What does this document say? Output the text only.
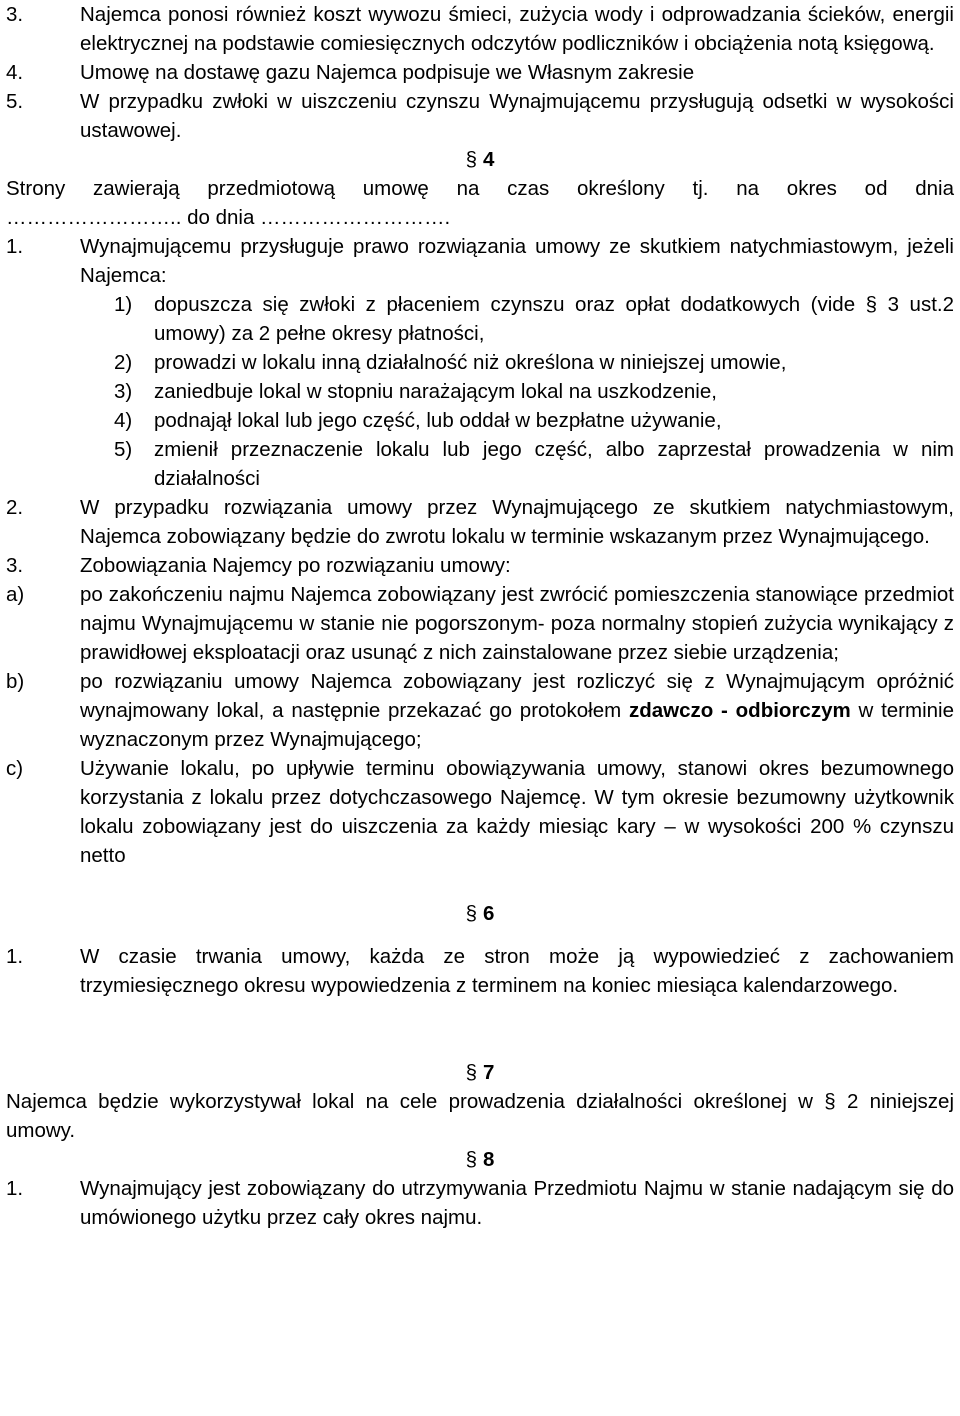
3.	Najemca ponosi również koszt wywozu śmieci, zużycia wody i odprowadzania ścieków, energii elektrycznej na podstawie comiesięcznych odczytów podliczników i obciążenia notą księgową.
4.	Umowę na dostawę gazu Najemca podpisuje we Własnym zakresie
5.	W przypadku zwłoki w uiszczeniu czynszu Wynajmującemu przysługują odsetki w wysokości ustawowej.
§ 4
Strony zawierają przedmiotową umowę na czas określony tj. na okres od dnia
…………………….. do dnia ……………………….
1.	Wynajmującemu przysługuje prawo rozwiązania umowy ze skutkiem natychmiastowym, jeżeli Najemca:
1)	dopuszcza się zwłoki z płaceniem czynszu oraz opłat dodatkowych (vide § 3 ust.2 umowy) za 2 pełne okresy płatności,
2)	prowadzi w lokalu inną działalność niż określona w niniejszej umowie,
3)	zaniedbuje lokal w stopniu narażającym lokal na uszkodzenie,
4)	podnajął lokal lub jego część, lub oddał w bezpłatne używanie,
5)	zmienił przeznaczenie lokalu lub jego część, albo zaprzestał prowadzenia w nim działalności
2.	W przypadku rozwiązania umowy przez Wynajmującego ze skutkiem natychmiastowym, Najemca zobowiązany będzie do zwrotu lokalu w terminie wskazanym przez Wynajmującego.
3.	Zobowiązania Najemcy po rozwiązaniu umowy:
a)	po zakończeniu najmu Najemca zobowiązany jest zwrócić pomieszczenia stanowiące przedmiot najmu Wynajmującemu w stanie nie pogorszonym- poza normalny stopień zużycia wynikający z prawidłowej eksploatacji oraz usunąć z nich zainstalowane przez siebie urządzenia;
b)	po rozwiązaniu umowy Najemca zobowiązany jest rozliczyć się z Wynajmującym opróżnić wynajmowany lokal, a następnie przekazać go protokołem zdawczo - odbiorczym w terminie wyznaczonym przez Wynajmującego;
c)	Używanie lokalu, po upływie terminu obowiązywania umowy, stanowi okres bezumownego korzystania z lokalu przez dotychczasowego Najemcę. W tym okresie bezumowny użytkownik lokalu zobowiązany jest do uiszczenia za każdy miesiąc kary – w wysokości 200 % czynszu netto
§ 6
1.	W czasie trwania umowy, każda ze stron może ją wypowiedzieć z zachowaniem trzymiesięcznego okresu wypowiedzenia z terminem na koniec miesiąca kalendarzowego.
§ 7
Najemca będzie wykorzystywał lokal na cele prowadzenia działalności określonej w § 2 niniejszej umowy.
§ 8
1.	Wynajmujący jest zobowiązany do utrzymywania Przedmiotu Najmu w stanie nadającym się do umówionego użytku przez cały okres najmu.
